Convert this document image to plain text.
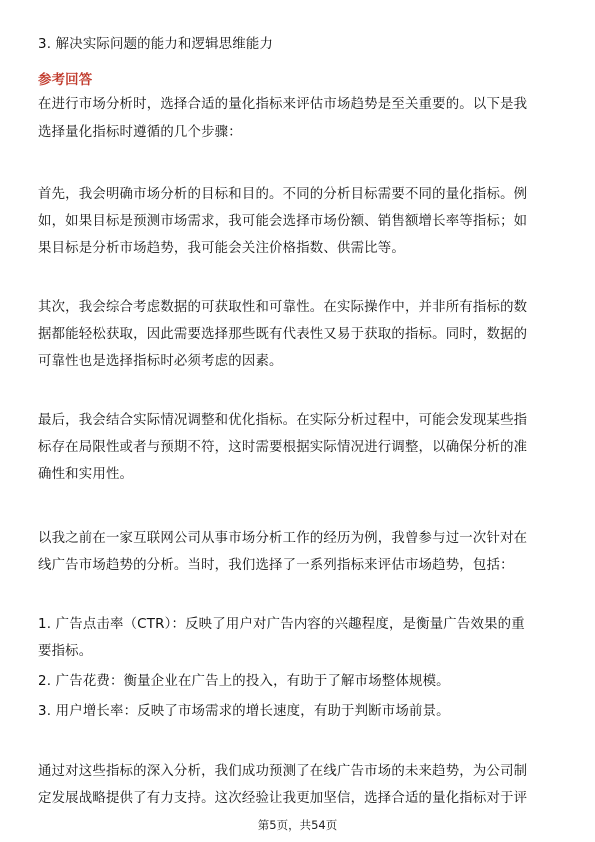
3. 解决实际问题的能力和逻辑思维能力
参考回答
在进行市场分析时，选择合适的量化指标来评估市场趋势是至关重要的。以下是我
选择量化指标时遵循的几个步骤：
首先，我会明确市场分析的目标和目的。不同的分析目标需要不同的量化指标。例
如，如果目标是预测市场需求，我可能会选择市场份额、销售额增长率等指标；如
果目标是分析市场趋势，我可能会关注价格指数、供需比等。
其次，我会综合考虑数据的可获取性和可靠性。在实际操作中，并非所有指标的数
据都能轻松获取，因此需要选择那些既有代表性又易于获取的指标。同时，数据的
可靠性也是选择指标时必须考虑的因素。
最后，我会结合实际情况调整和优化指标。在实际分析过程中，可能会发现某些指
标存在局限性或者与预期不符，这时需要根据实际情况进行调整，以确保分析的准
确性和实用性。
以我之前在一家互联网公司从事市场分析工作的经历为例，我曾参与过一次针对在
线广告市场趋势的分析。当时，我们选择了一系列指标来评估市场趋势，包括：
1. 广告点击率（CTR）：反映了用户对广告内容的兴趣程度，是衡量广告效果的重
要指标。
2. 广告花费：衡量企业在广告上的投入，有助于了解市场整体规模。
3. 用户增长率：反映了市场需求的增长速度，有助于判断市场前景。
通过对这些指标的深入分析，我们成功预测了在线广告市场的未来趋势，为公司制
定发展战略提供了有力支持。这次经验让我更加坚信，选择合适的量化指标对于评
第5页，共54页
